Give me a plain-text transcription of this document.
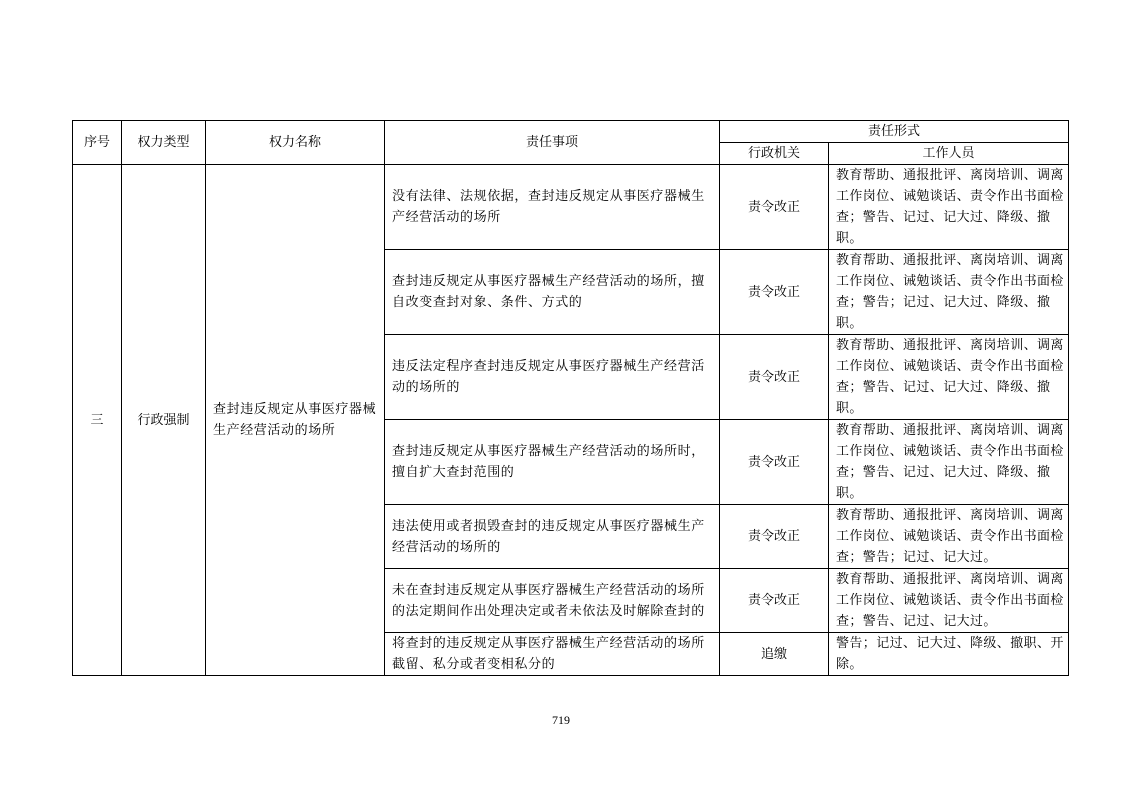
序号	权力类型	权力名称	责任事项	责任形式	
				行政机关	工作人员
三	行政强制	查封违反规定从事医疗器械生产经营活动的场所	没有法律、法规依据，查封违反规定从事医疗器械生产经营活动的场所	责令改正	教育帮助、通报批评、离岗培训、调离工作岗位、诫勉谈话、责令作出书面检查；警告、记过、记大过、降级、撤职。
			查封违反规定从事医疗器械生产经营活动的场所，擅自改变查封对象、条件、方式的	责令改正	教育帮助、通报批评、离岗培训、调离工作岗位、诫勉谈话、责令作出书面检查；警告；记过、记大过、降级、撤职。
			违反法定程序查封违反规定从事医疗器械生产经营活动的场所的	责令改正	教育帮助、通报批评、离岗培训、调离工作岗位、诫勉谈话、责令作出书面检查；警告、记过、记大过、降级、撤职。
			查封违反规定从事医疗器械生产经营活动的场所时，擅自扩大查封范围的	责令改正	教育帮助、通报批评、离岗培训、调离工作岗位、诫勉谈话、责令作出书面检查；警告、记过、记大过、降级、撤职。
			违法使用或者损毁查封的违反规定从事医疗器械生产经营活动的场所的	责令改正	教育帮助、通报批评、离岗培训、调离工作岗位、诫勉谈话、责令作出书面检查；警告；记过、记大过。
			未在查封违反规定从事医疗器械生产经营活动的场所的法定期间作出处理决定或者未依法及时解除查封的	责令改正	教育帮助、通报批评、离岗培训、调离工作岗位、诫勉谈话、责令作出书面检查；警告、记过、记大过。
			将查封的违反规定从事医疗器械生产经营活动的场所截留、私分或者变相私分的	追缴	警告；记过、记大过、降级、撤职、开除。
719
